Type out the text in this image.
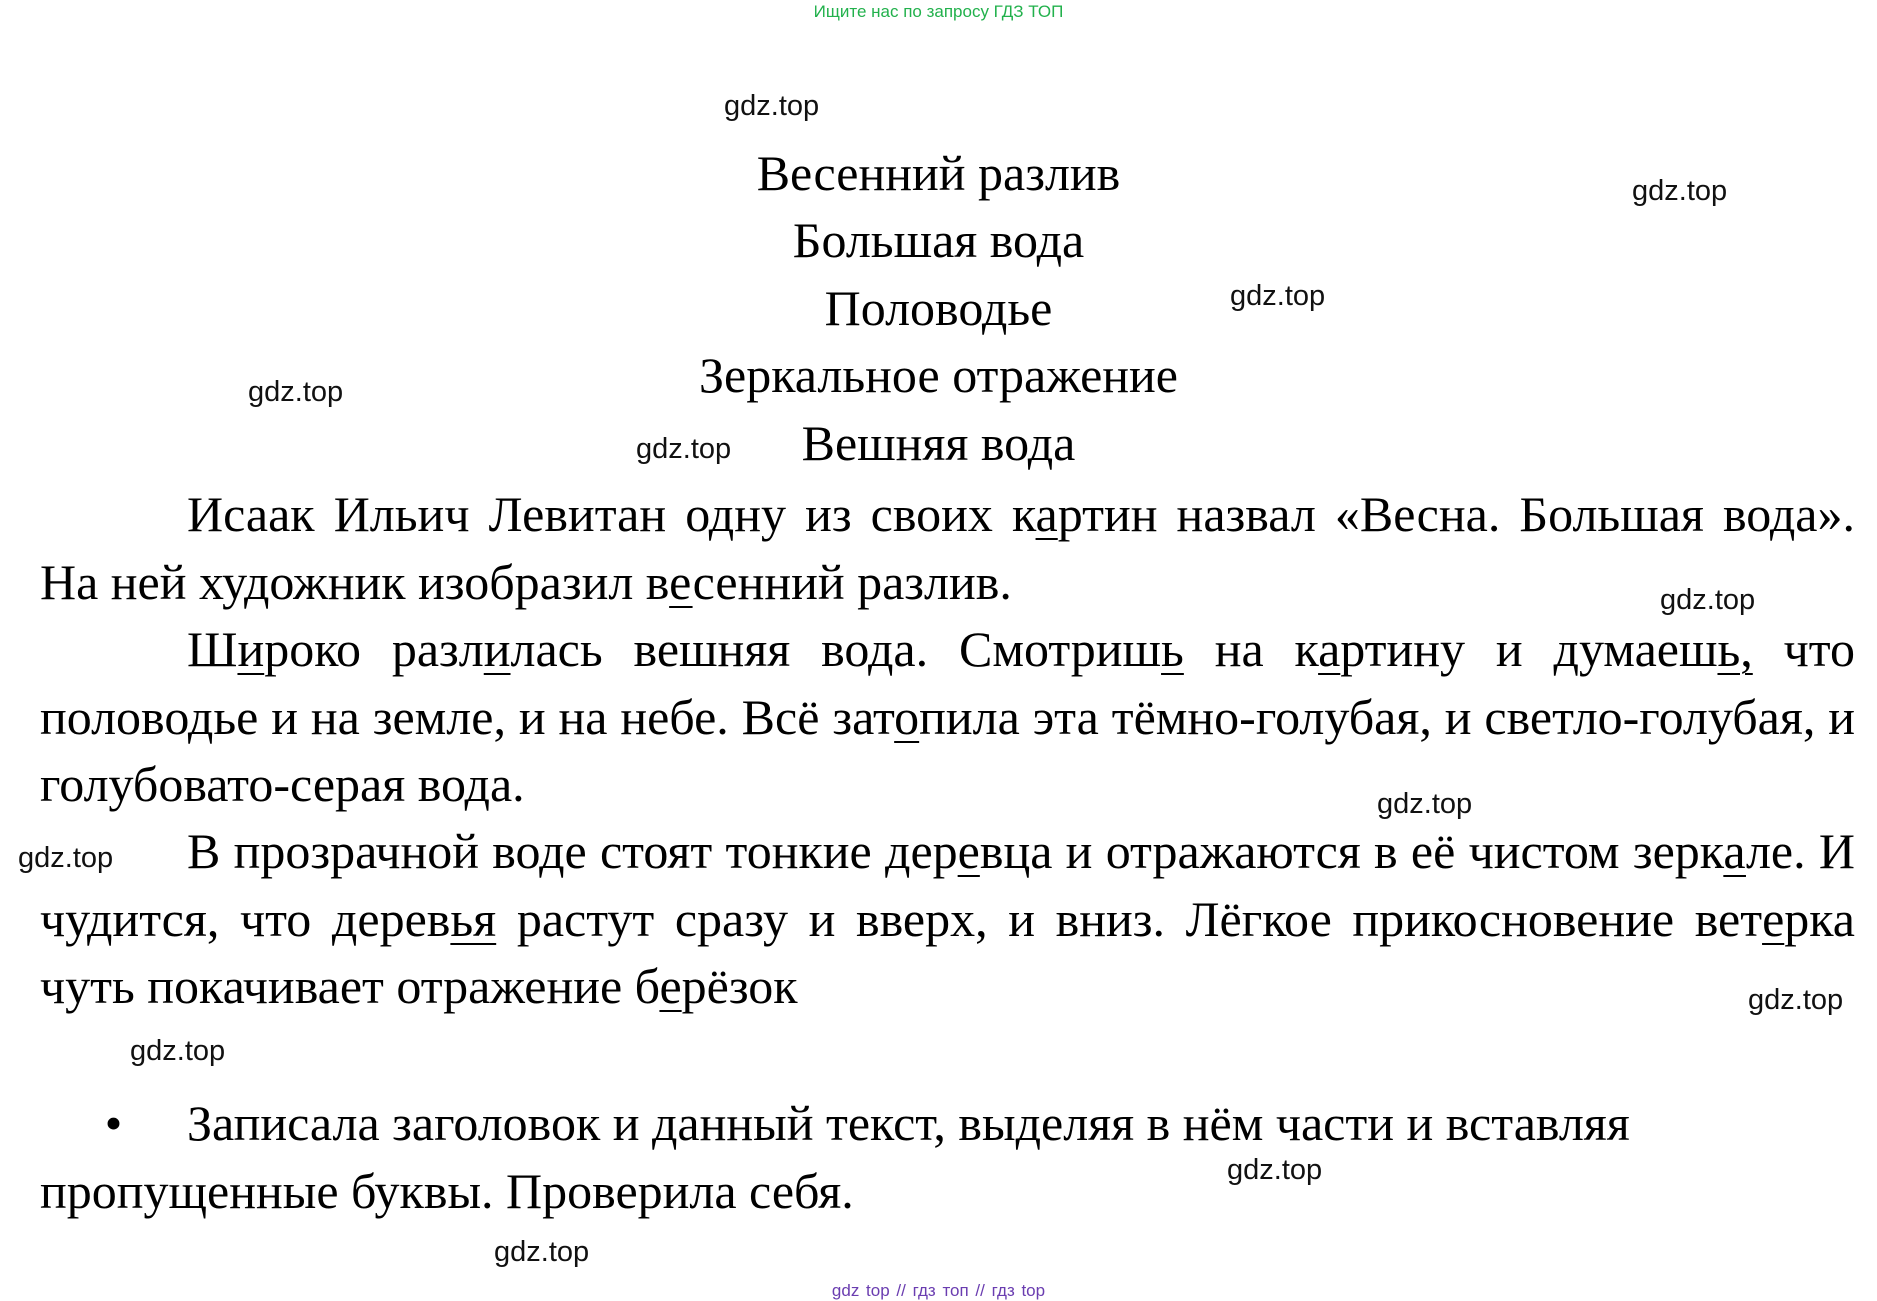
Ищите нас по запросу ГДЗ ТОП
Весенний разлив
Большая вода
Половодье
Зеркальное отражение
Вешняя вода

Исаак Ильич Левитан одну из своих картин назвал «Весна. Большая вода». На ней художник изобразил весенний разлив.

Широко разлилась вешняя вода. Смотришь на картину и думаешь, что половодье и на земле, и на небе. Всё затопила эта тёмно-голубая, и светло-голубая, и голубовато-серая вода.

В прозрачной воде стоят тонкие деревца и отражаются в её чистом зеркале. И чудится, что деревья растут сразу и вверх, и вниз. Лёгкое прикосновение ветерка чуть покачивает отражение берёзок

• Записала заголовок и данный текст, выделяя в нём части и вставляя пропущенные буквы. Проверила себя.

gdz.top
gdz.top
gdz.top
gdz.top
gdz.top
gdz.top
gdz.top
gdz.top
gdz.top
gdz.top
gdz.top
gdz.top
gdz top // гдз топ // гдз top
